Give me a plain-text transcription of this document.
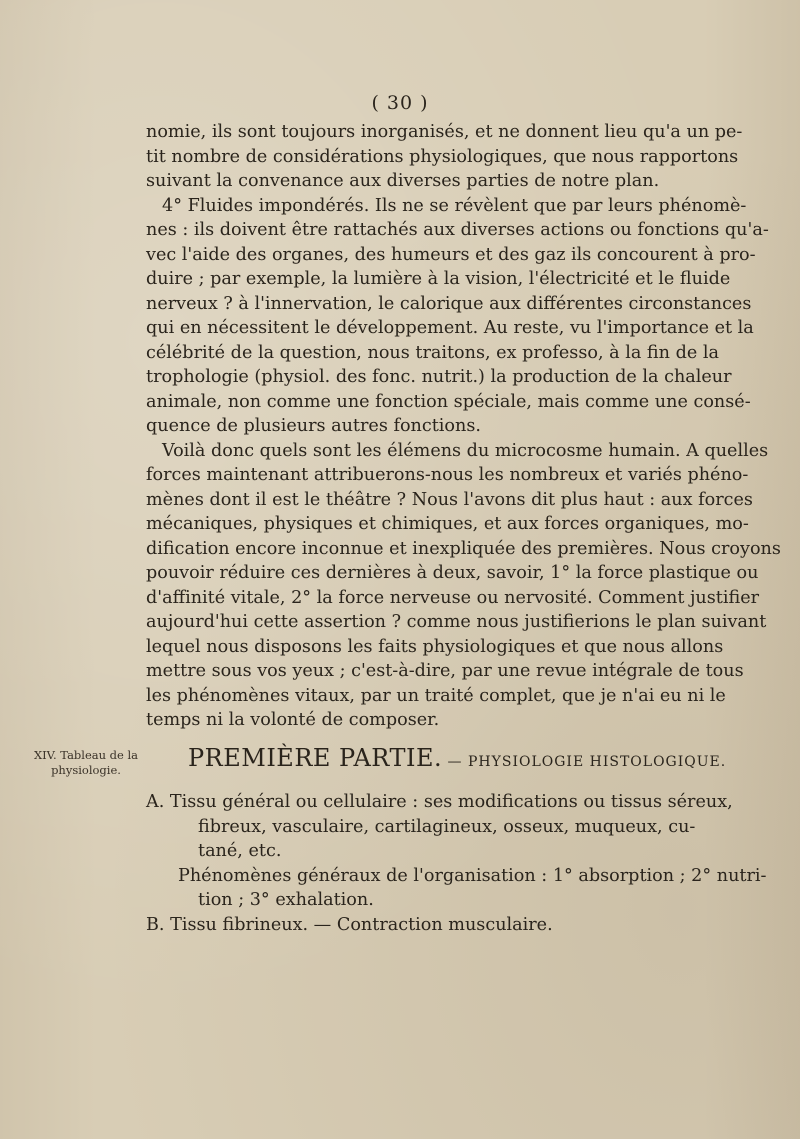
( 30 )
nomie, ils sont toujours inorganisés, et ne donnent lieu qu'a un pe-
tit nombre de considérations physiologiques, que nous rapportons
suivant la convenance aux diverses parties de notre plan.
4° Fluides impondérés. Ils ne se révèlent que par leurs phénomè-
nes : ils doivent être rattachés aux diverses actions ou fonctions qu'a-
vec l'aide des organes, des humeurs et des gaz ils concourent à pro-
duire ; par exemple, la lumière à la vision, l'électricité et le fluide
nerveux ? à l'innervation, le calorique aux différentes circonstances
qui en nécessitent le développement. Au reste, vu l'importance et la
célébrité de la question, nous traitons, ex professo, à la fin de la
trophologie (physiol. des fonc. nutrit.) la production de la chaleur
animale, non comme une fonction spéciale, mais comme une consé-
quence de plusieurs autres fonctions.
Voilà donc quels sont les élémens du microcosme humain. A quelles
forces maintenant attribuerons-nous les nombreux et variés phéno-
mènes dont il est le théâtre ? Nous l'avons dit plus haut : aux forces
mécaniques, physiques et chimiques, et aux forces organiques, mo-
dification encore inconnue et inexpliquée des premières. Nous croyons
pouvoir réduire ces dernières à deux, savoir, 1° la force plastique ou
d'affinité vitale, 2° la force nerveuse ou nervosité. Comment justifier
aujourd'hui cette assertion ? comme nous justifierions le plan suivant
lequel nous disposons les faits physiologiques et que nous allons
mettre sous vos yeux ; c'est-à-dire, par une revue intégrale de tous
les phénomènes vitaux, par un traité complet, que je n'ai eu ni le
temps ni la volonté de composer.
XIV. Tableau de la physiologie.	PREMIÈRE PARTIE. — PHYSIOLOGIE HISTOLOGIQUE.
A. Tissu général ou cellulaire : ses modifications ou tissus séreux,
fibreux, vasculaire, cartilagineux, osseux, muqueux, cu-
tané, etc.
Phénomènes généraux de l'organisation : 1° absorption ; 2° nutri-
tion ; 3° exhalation.
B. Tissu fibrineux. — Contraction musculaire.
